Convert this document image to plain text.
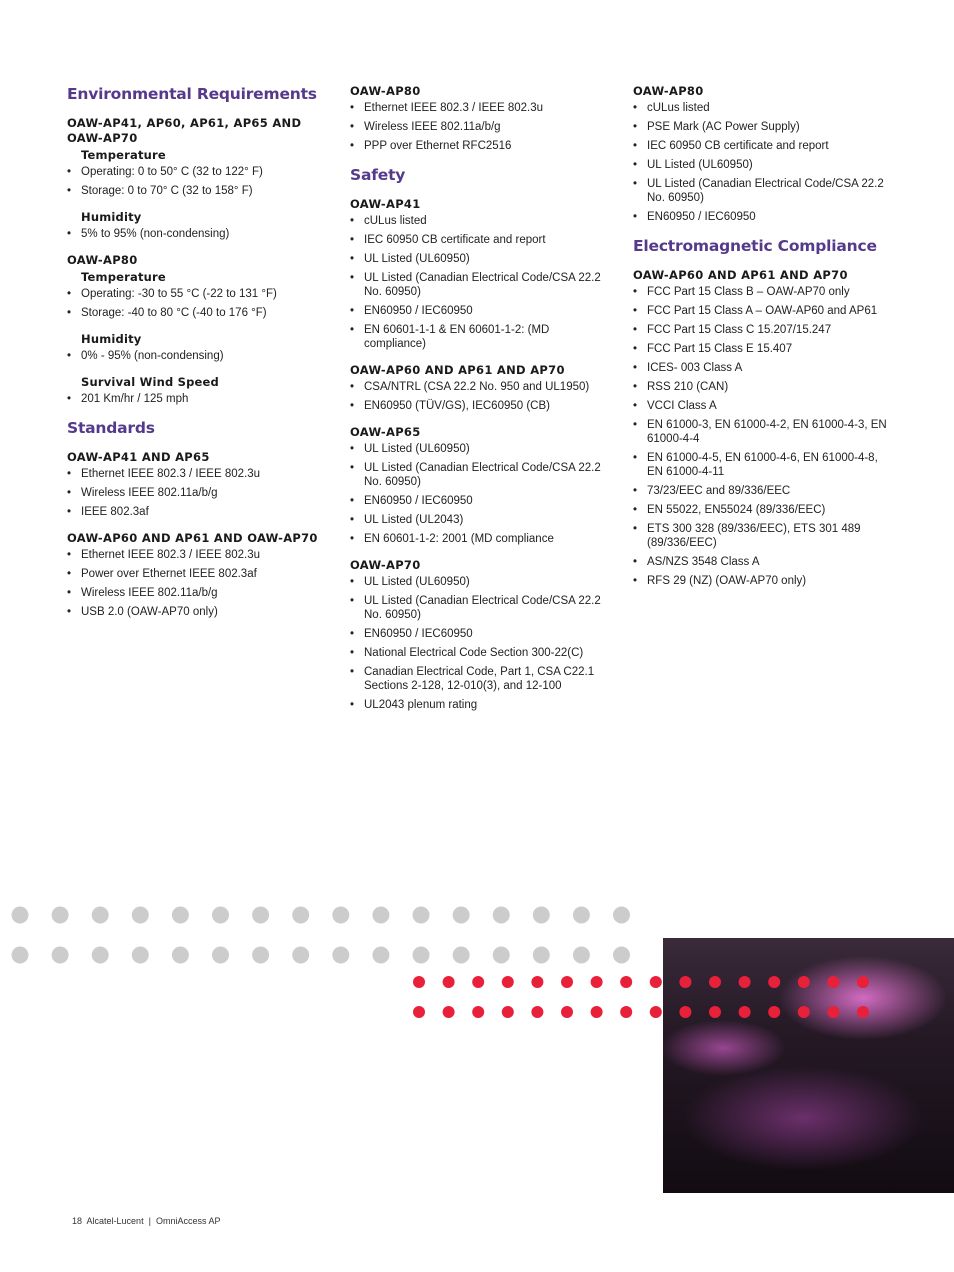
Environmental Requirements
OAW-AP41, AP60, AP61, AP65 AND OAW-AP70
Temperature
• Operating: 0 to 50° C (32 to 122° F)
• Storage: 0 to 70° C (32 to 158° F)
Humidity
• 5% to 95% (non-condensing)
OAW-AP80
Temperature
• Operating: -30 to 55 °C (-22 to 131 °F)
• Storage: -40 to 80 °C (-40 to 176 °F)
Humidity
• 0% - 95% (non-condensing)
Survival Wind Speed
• 201 Km/hr / 125 mph
Standards
OAW-AP41 AND AP65
• Ethernet IEEE 802.3 / IEEE 802.3u
• Wireless IEEE 802.11a/b/g
• IEEE 802.3af
OAW-AP60 AND AP61 AND OAW-AP70
• Ethernet IEEE 802.3 / IEEE 802.3u
• Power over Ethernet IEEE 802.3af
• Wireless IEEE 802.11a/b/g
• USB 2.0 (OAW-AP70 only)
OAW-AP80
• Ethernet IEEE 802.3 / IEEE 802.3u
• Wireless IEEE 802.11a/b/g
• PPP over Ethernet RFC2516
Safety
OAW-AP41
• cULus listed
• IEC 60950 CB certificate and report
• UL Listed (UL60950)
• UL Listed (Canadian Electrical Code/CSA 22.2 No. 60950)
• EN60950 / IEC60950
• EN 60601-1-1 & EN 60601-1-2: (MD compliance)
OAW-AP60 AND AP61 AND AP70
• CSA/NTRL (CSA 22.2 No. 950 and UL1950)
• EN60950 (TÜV/GS), IEC60950 (CB)
OAW-AP65
• UL Listed (UL60950)
• UL Listed (Canadian Electrical Code/CSA 22.2 No. 60950)
• EN60950 / IEC60950
• UL Listed (UL2043)
• EN 60601-1-2: 2001 (MD compliance
OAW-AP70
• UL Listed (UL60950)
• UL Listed (Canadian Electrical Code/CSA 22.2 No. 60950)
• EN60950 / IEC60950
• National Electrical Code Section 300-22(C)
• Canadian Electrical Code, Part 1, CSA C22.1 Sections 2-128, 12-010(3), and 12-100
• UL2043 plenum rating
OAW-AP80
• cULus listed
• PSE Mark (AC Power Supply)
• IEC 60950 CB certificate and report
• UL Listed (UL60950)
• UL Listed (Canadian Electrical Code/CSA 22.2 No. 60950)
• EN60950 / IEC60950
Electromagnetic Compliance
OAW-AP60 AND AP61 AND AP70
• FCC Part 15 Class B – OAW-AP70 only
• FCC Part 15 Class A – OAW-AP60 and AP61
• FCC Part 15 Class C 15.207/15.247
• FCC Part 15 Class E 15.407
• ICES- 003 Class A
• RSS 210 (CAN)
• VCCI Class A
• EN 61000-3, EN 61000-4-2, EN 61000-4-3, EN 61000-4-4
• EN 61000-4-5, EN 61000-4-6, EN 61000-4-8, EN 61000-4-11
• 73/23/EEC and 89/336/EEC
• EN 55022, EN55024 (89/336/EEC)
• ETS 300 328 (89/336/EEC), ETS 301 489 (89/336/EEC)
• AS/NZS 3548 Class A
• RFS 29 (NZ) (OAW-AP70 only)
18 Alcatel-Lucent | OmniAccess AP
